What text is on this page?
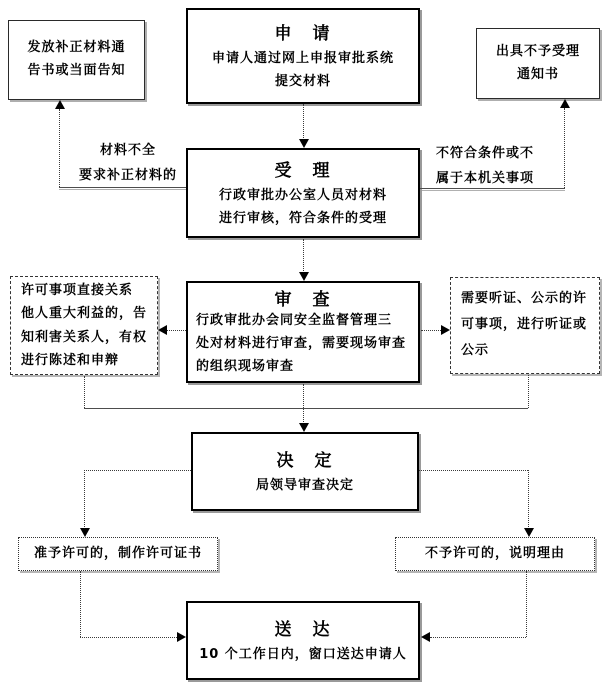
发放补正材料通
告书或当面告知
申　请
申请人通过网上申报审批系统
提交材料
出具不予受理
通知书
材料不全
要求补正材料的
不符合条件或不
属于本机关事项
受　理
行政审批办公室人员对材料
进行审核，符合条件的受理
审　查
行政审批办会同安全监督管理三
处对材料进行审查，需要现场审查
的组织现场审查
许可事项直接关系
他人重大利益的，告
知利害关系人，有权
进行陈述和申辩
需要听证、公示的许
可事项，进行听证或
公示
决　定
局领导审查决定
准予许可的，制作许可证书	不予许可的，说明理由
送　达
10 个工作日内，窗口送达申请人
